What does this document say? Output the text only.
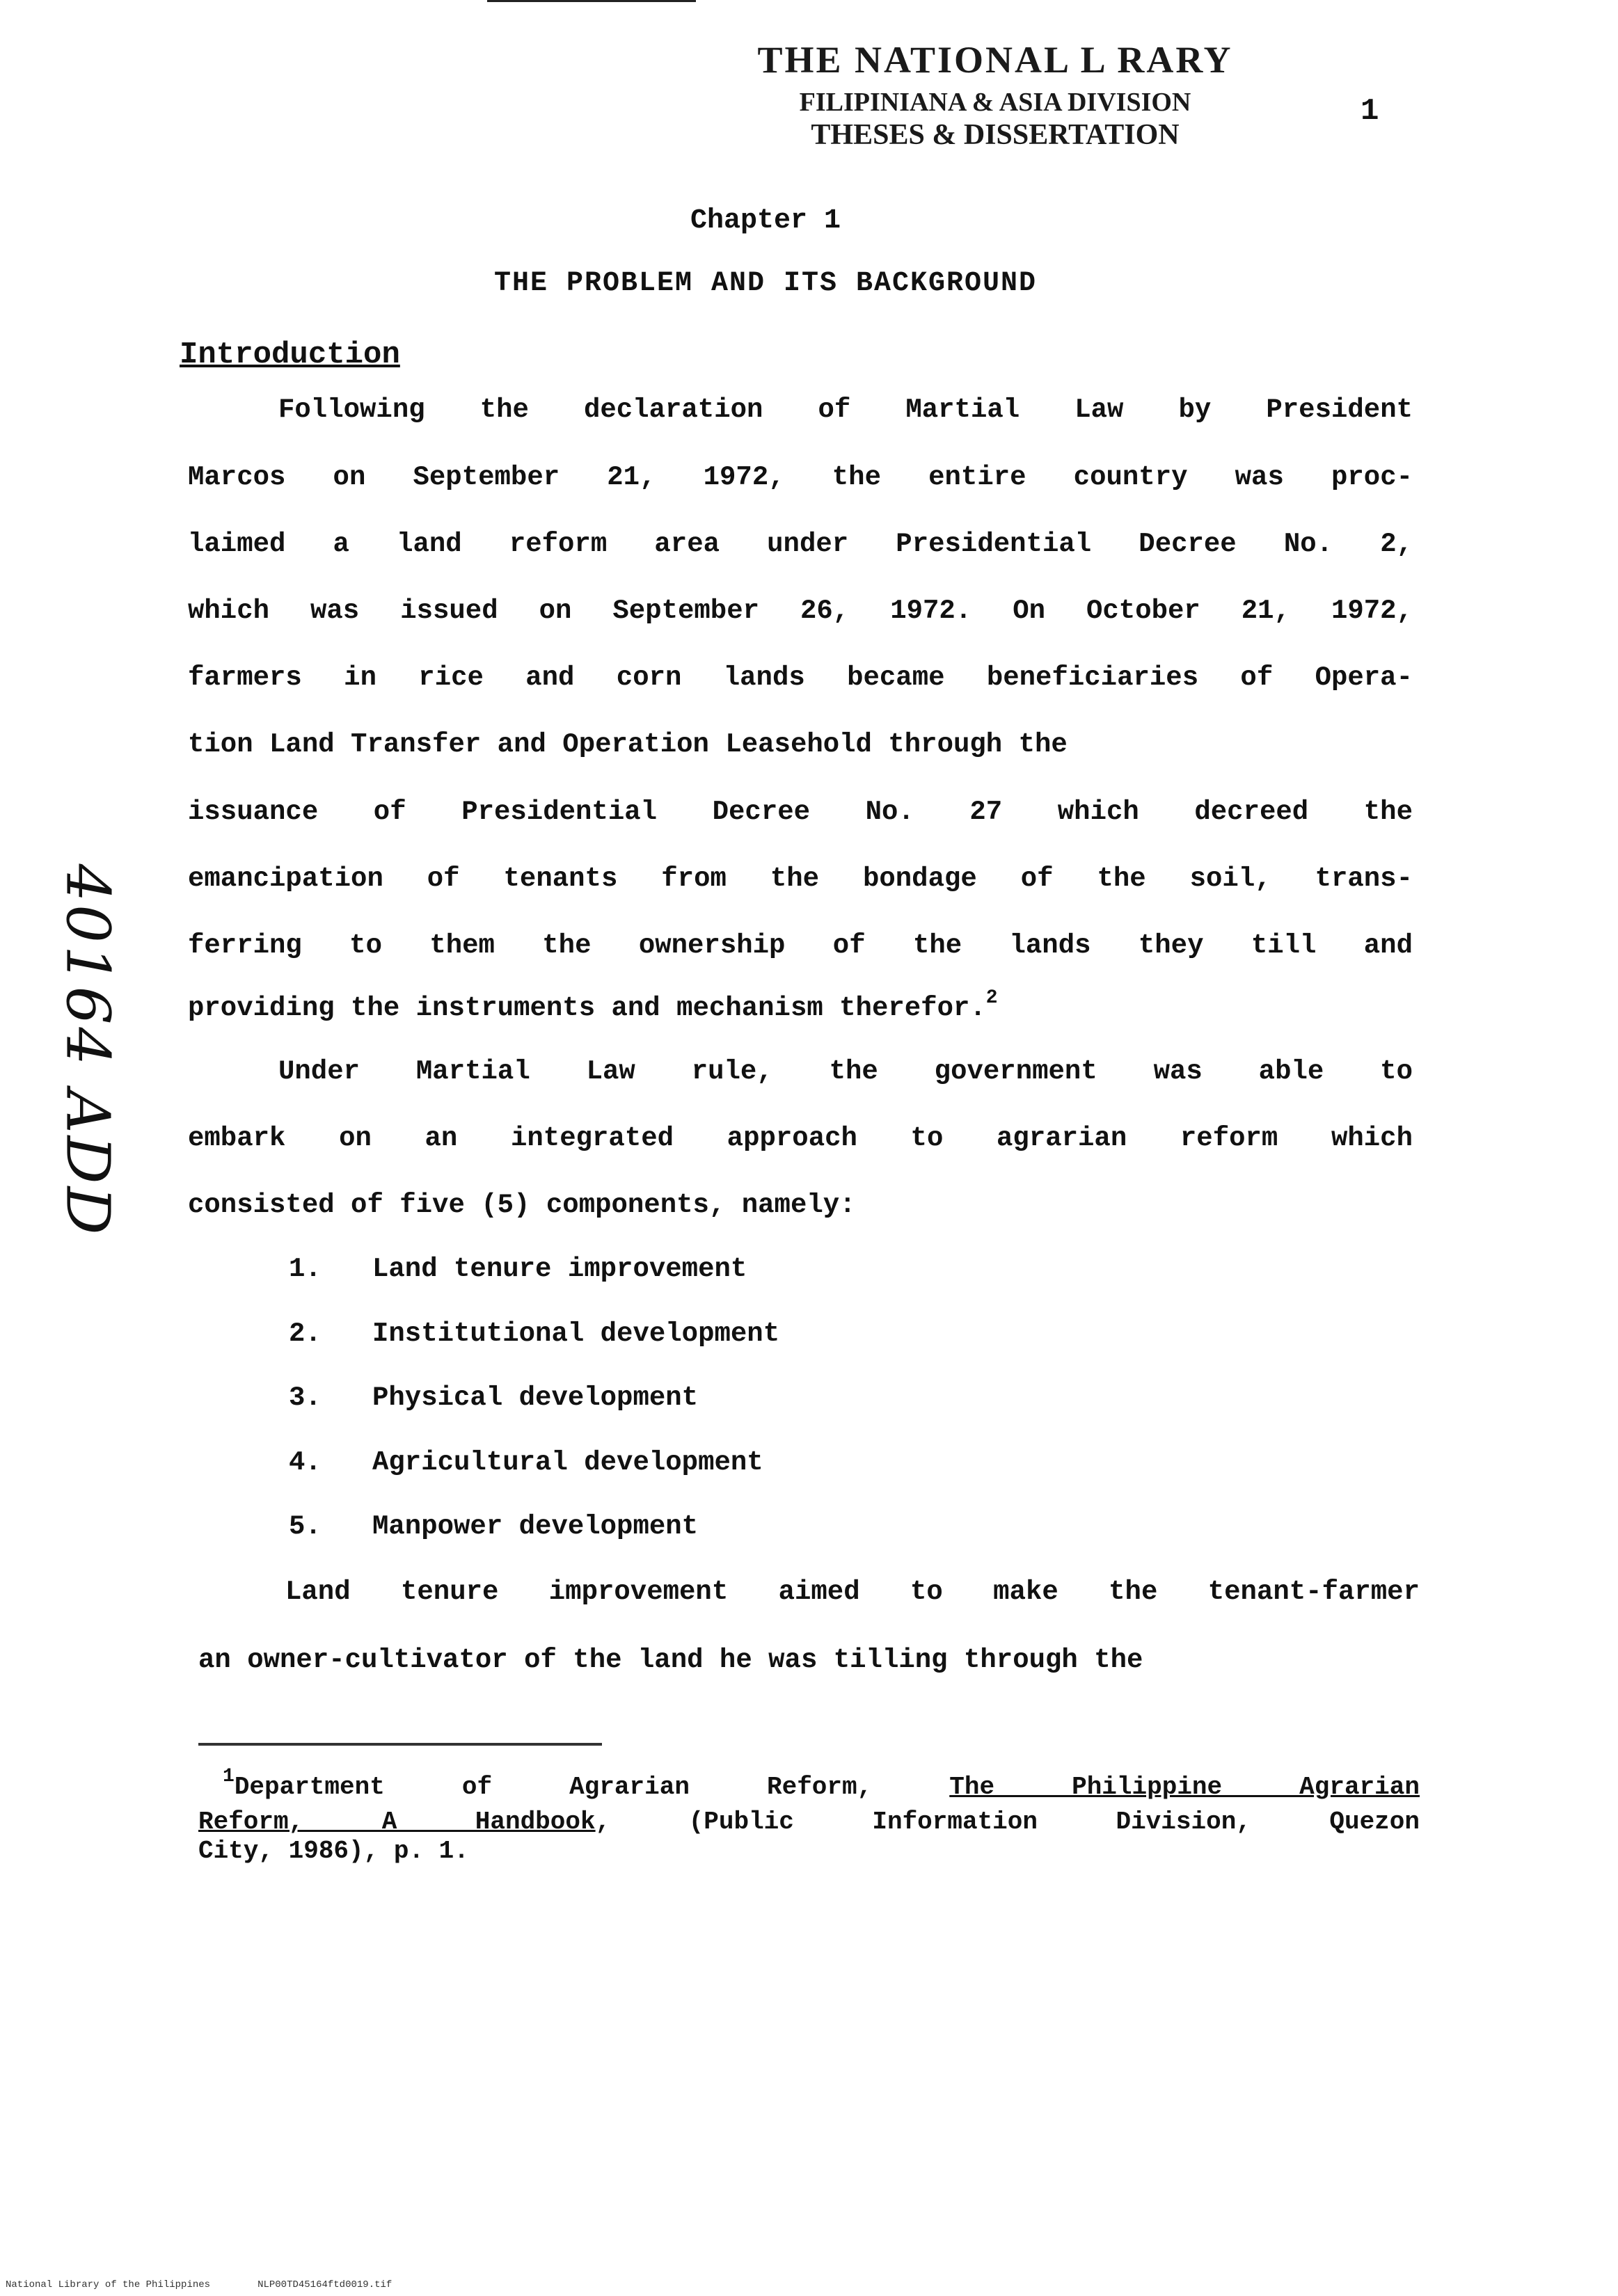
THE NATIONAL L RARY
FILIPINIANA & ASIA DIVISION
THESES & DISSERTATION
1
Chapter 1
THE PROBLEM AND ITS BACKGROUND
Introduction
Following the declaration of Martial Law by President
Marcos on September 21, 1972, the entire country was proc-
laimed a land reform area under Presidential Decree No. 2,
which was issued on September 26, 1972. On October 21, 1972,
farmers in rice and corn lands became beneficiaries of Opera-
tion Land Transfer and Operation Leasehold through the
issuance of Presidential Decree No. 27 which decreed the
emancipation of tenants from the bondage of the soil, trans-
ferring to them the ownership of the lands they till and
providing the instruments and mechanism therefor.$^2$
Under Martial Law rule, the government was able to
embark on an integrated approach to agrarian reform which
consisted of five (5) components, namely:
1. Land tenure improvement
2. Institutional development
3. Physical development
4. Agricultural development
5. Manpower development
Land tenure improvement aimed to make the tenant-farmer
an owner-cultivator of the land he was tilling through the
$^1$Department of Agrarian Reform, The Philippine Agrarian
Reform, A Handbook, (Public Information Division, Quezon
City, 1986), p. 1.
40164 ADD
National Library of the Philippines	NLP00TD45164ftd0019.tif
